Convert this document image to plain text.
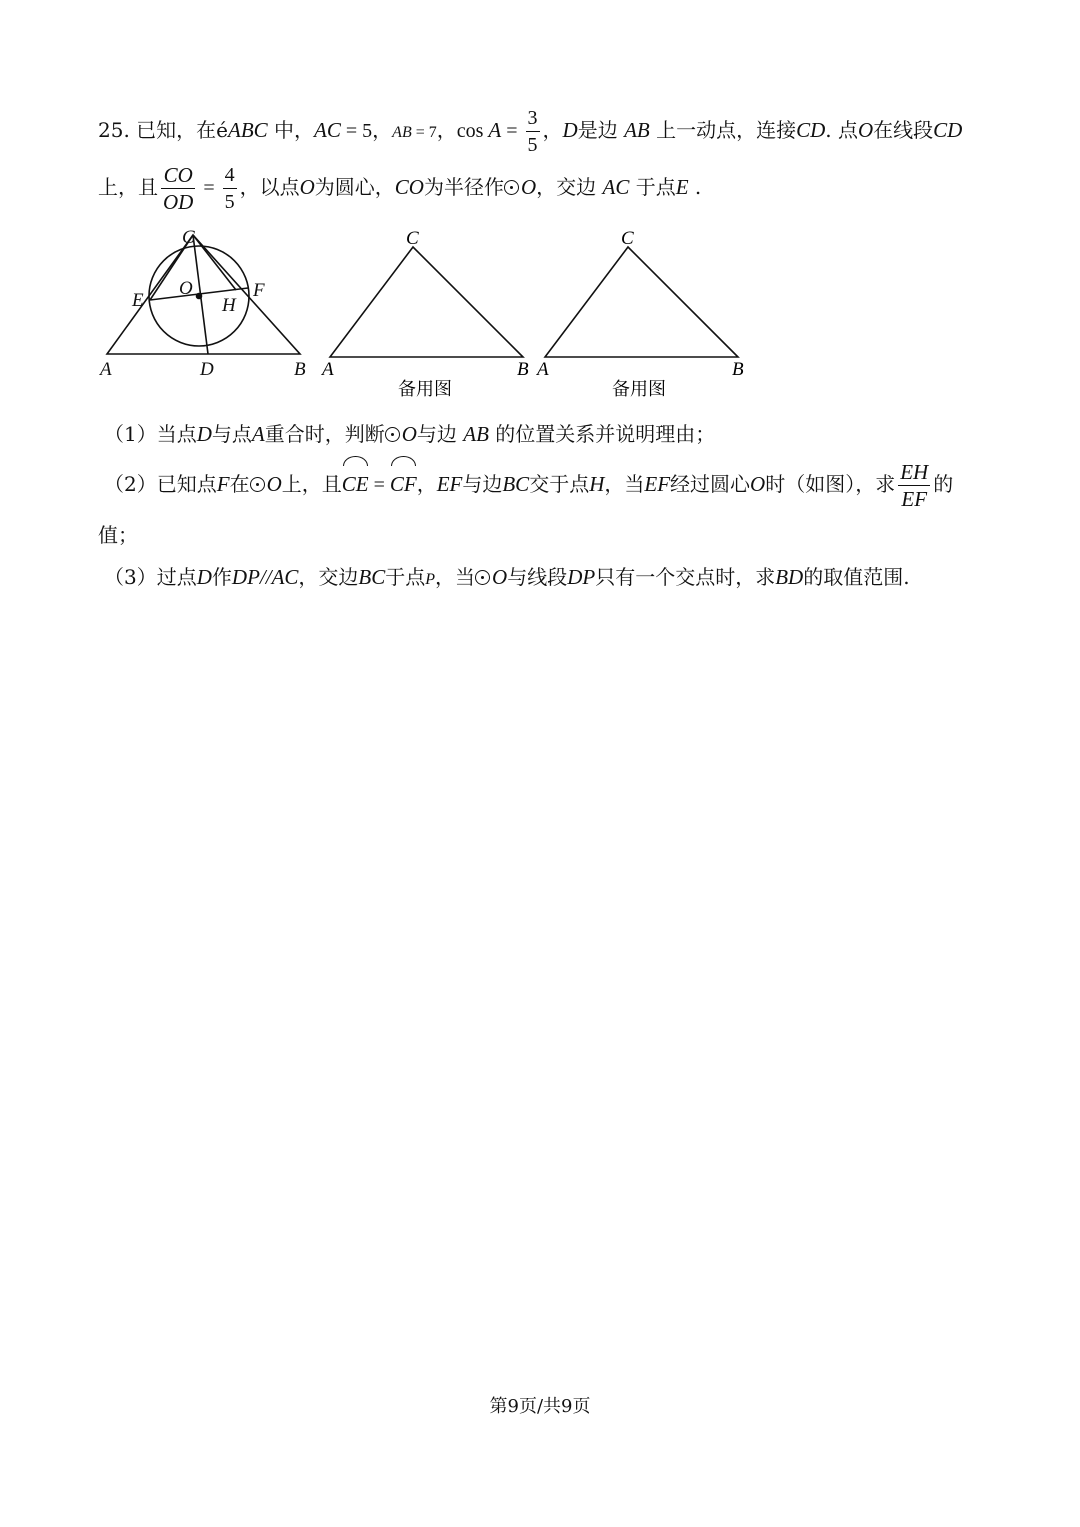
25. 已知，在éABC 中，AC = 5，AB = 7，$\cos A = \frac{3}{5}$ ，D是边 AB 上一动点，连接CD. 点O在线段CD
上，且 $\frac{CO}{OD} = \frac{4}{5}$ ，以点O为圆心，CO为半径作 O，交边 AC 于点E .
C
A	B
D
E	F
O
H
C
A	B
备用图
C
A	B
备用图
（1）当点D与点A重合时，判断 O与边 AB 的位置关系并说明理由；
（2）已知点F在 O上，且CE = CF，EF与边BC交于点H，当EF经过圆心O时（如图），求 $\frac{EH}{EF}$ 的
值；
（3）过点D作DP//AC，交边BC于点P，当 O与线段DP只有一个交点时，求BD的取值范围.
第9页/共9页
